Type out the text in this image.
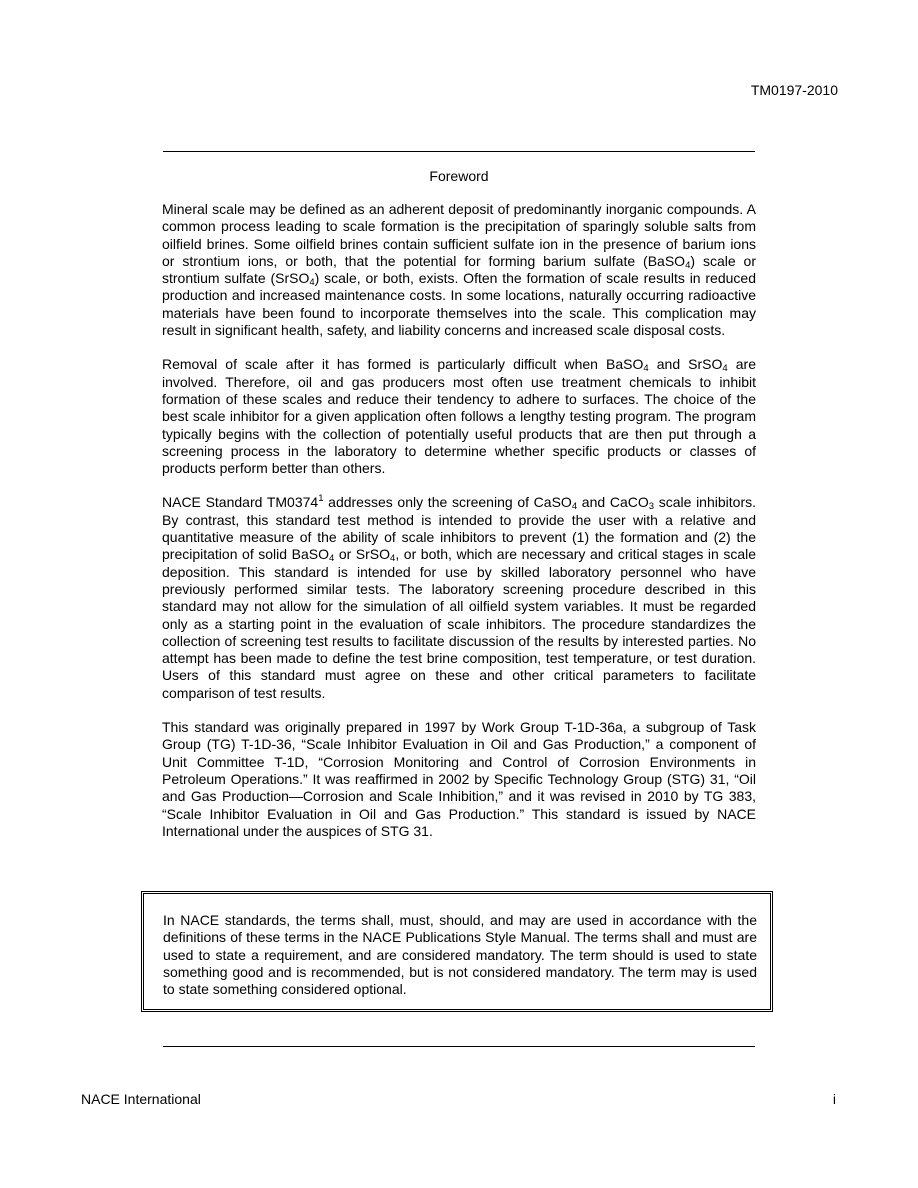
TM0197-2010
Foreword

Mineral scale may be defined as an adherent deposit of predominantly inorganic compounds. A common process leading to scale formation is the precipitation of sparingly soluble salts from oilfield brines. Some oilfield brines contain sufficient sulfate ion in the presence of barium ions or strontium ions, or both, that the potential for forming barium sulfate (BaSO$_4$) scale or strontium sulfate (SrSO$_4$) scale, or both, exists. Often the formation of scale results in reduced production and increased maintenance costs. In some locations, naturally occurring radioactive materials have been found to incorporate themselves into the scale. This complication may result in significant health, safety, and liability concerns and increased scale disposal costs.

Removal of scale after it has formed is particularly difficult when BaSO$_4$ and SrSO$_4$ are involved. Therefore, oil and gas producers most often use treatment chemicals to inhibit formation of these scales and reduce their tendency to adhere to surfaces. The choice of the best scale inhibitor for a given application often follows a lengthy testing program. The program typically begins with the collection of potentially useful products that are then put through a screening process in the laboratory to determine whether specific products or classes of products perform better than others.

NACE Standard TM0374$^1$ addresses only the screening of CaSO$_4$ and CaCO$_3$ scale inhibitors. By contrast, this standard test method is intended to provide the user with a relative and quantitative measure of the ability of scale inhibitors to prevent (1) the formation and (2) the precipitation of solid BaSO$_4$ or SrSO$_4$, or both, which are necessary and critical stages in scale deposition. This standard is intended for use by skilled laboratory personnel who have previously performed similar tests. The laboratory screening procedure described in this standard may not allow for the simulation of all oilfield system variables. It must be regarded only as a starting point in the evaluation of scale inhibitors. The procedure standardizes the collection of screening test results to facilitate discussion of the results by interested parties. No attempt has been made to define the test brine composition, test temperature, or test duration. Users of this standard must agree on these and other critical parameters to facilitate comparison of test results.

This standard was originally prepared in 1997 by Work Group T-1D-36a, a subgroup of Task Group (TG) T-1D-36, “Scale Inhibitor Evaluation in Oil and Gas Production,” a component of Unit Committee T-1D, “Corrosion Monitoring and Control of Corrosion Environments in Petroleum Operations.” It was reaffirmed in 2002 by Specific Technology Group (STG) 31, “Oil and Gas Production—Corrosion and Scale Inhibition,” and it was revised in 2010 by TG 383, “Scale Inhibitor Evaluation in Oil and Gas Production.” This standard is issued by NACE International under the auspices of STG 31.

In NACE standards, the terms shall, must, should, and may are used in accordance with the definitions of these terms in the NACE Publications Style Manual. The terms shall and must are used to state a requirement, and are considered mandatory. The term should is used to state something good and is recommended, but is not considered mandatory. The term may is used to state something considered optional.

NACE International	i
